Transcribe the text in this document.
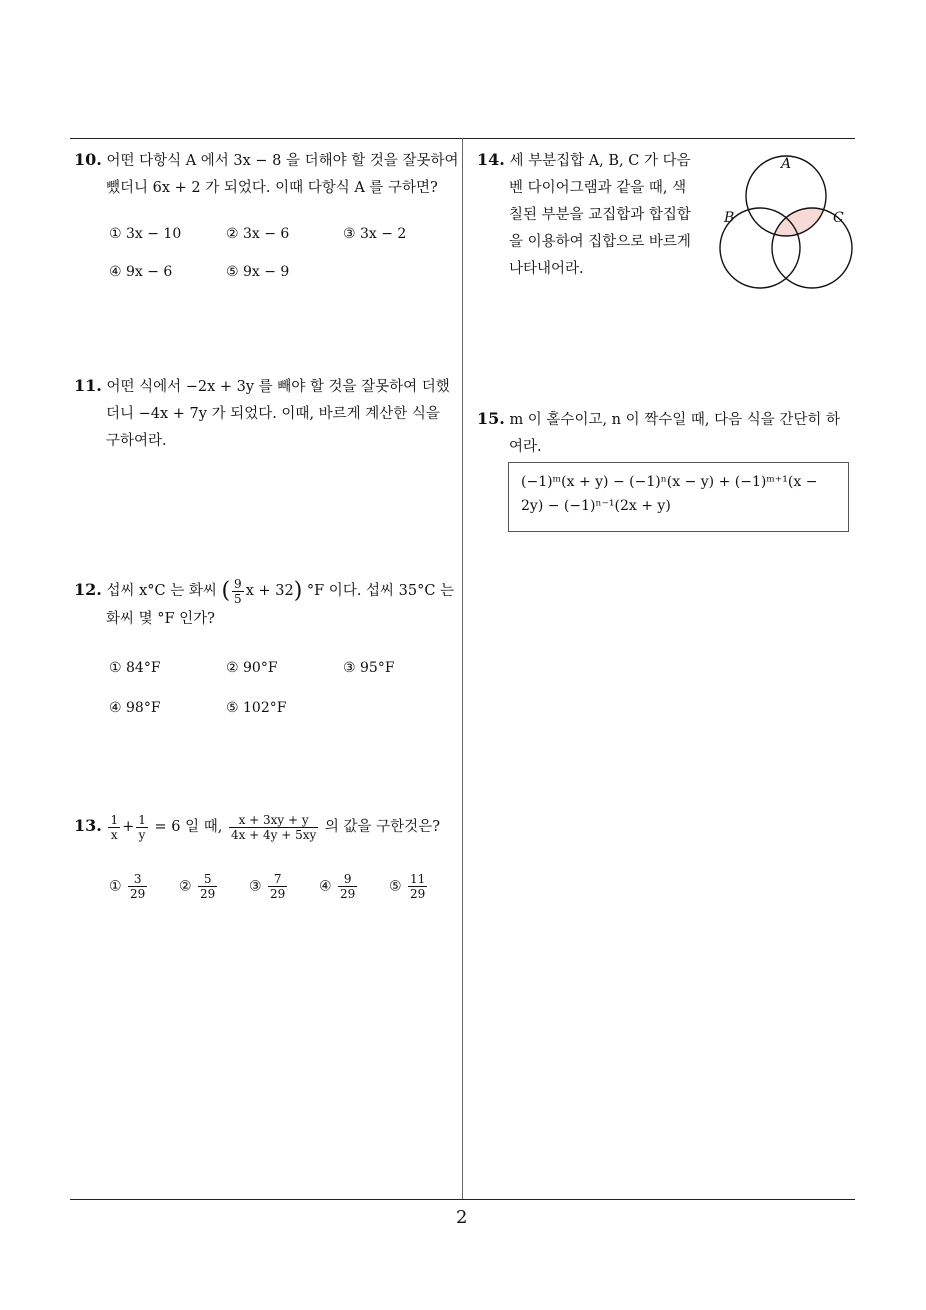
10. 어떤 다항식 A 에서 3x − 8 을 더해야 할 것을 잘못하여
뺐더니 6x + 2 가 되었다. 이때 다항식 A 를 구하면?
① 3x − 10	② 3x − 6	③ 3x − 2
④ 9x − 6	⑤ 9x − 9
11. 어떤 식에서 −2x + 3y 를 빼야 할 것을 잘못하여 더했
더니 −4x + 7y 가 되었다. 이때, 바르게 계산한 식을
구하여라.
12. 섭씨 x°C 는 화씨 ( $\frac{9}{5}$ x + 32) °F 이다. 섭씨 35°C 는
화씨 몇 °F 인가?
① 84°F	② 90°F	③ 95°F
④ 98°F	⑤ 102°F
13. $\frac{1}{x} + \frac{1}{y} = 6$ 일 때, $\frac{x + 3xy + y}{4x + 4y + 5xy}$ 의 값을 구한것은?
① $\frac{3}{29}$ ② $\frac{5}{29}$ ③ $\frac{7}{29}$ ④ $\frac{9}{29}$ ⑤ $\frac{11}{29}$
14. 세 부분집합 A, B, C 가 다음
벤 다이어그램과 같을 때, 색
칠된 부분을 교집합과 합집합
을 이용하여 집합으로 바르게
나타내어라.
A
B	C
15. m 이 홀수이고, n 이 짝수일 때, 다음 식을 간단히 하
여라.
(−1)ᵐ(x + y) − (−1)ⁿ(x − y) + (−1)ᵐ⁺¹(x −
2y) − (−1)ⁿ⁻¹(2x + y)
2
